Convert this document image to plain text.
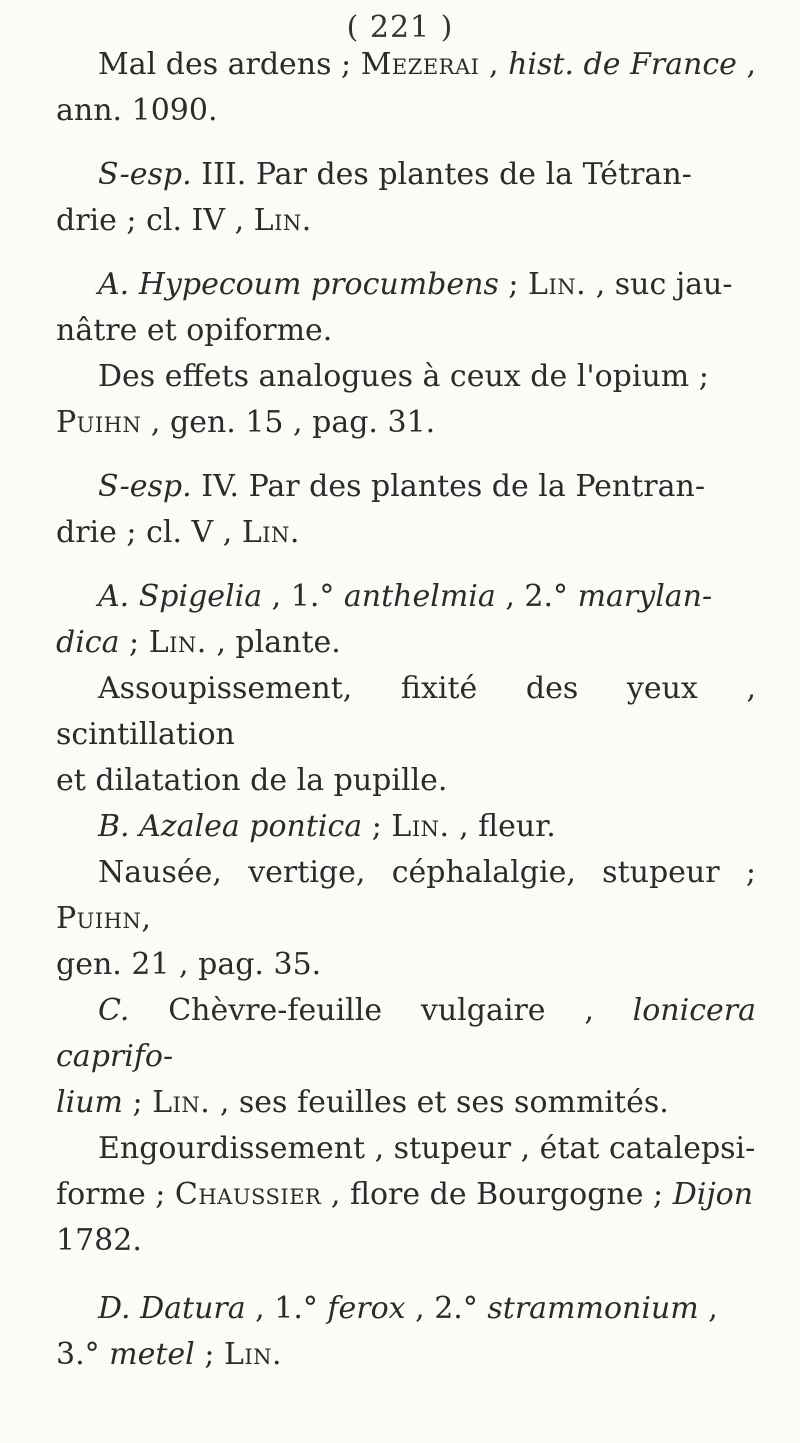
( 221 )

Mal des ardens ; Mezerai , hist. de France ,
ann. 1090.

S-esp. III. Par des plantes de la Tétran-
drie ; cl. IV , Lin.

A. Hypecoum procumbens ; Lin. , suc jau-
nâtre et opiforme.

Des effets analogues à ceux de l'opium ;
Puihn , gen. 15 , pag. 31.

S-esp. IV. Par des plantes de la Pentran-
drie ; cl. V , Lin.

A. Spigelia , 1.° anthelmia , 2.° marylan-
dica ; Lin. , plante.

Assoupissement, fixité des yeux , scintillation
et dilatation de la pupille.

B. Azalea pontica ; Lin. , fleur.

Nausée, vertige, céphalalgie, stupeur ; Puihn,
gen. 21 , pag. 35.

C. Chèvre-feuille vulgaire , lonicera caprifo-
lium ; Lin. , ses feuilles et ses sommités.

Engourdissement , stupeur , état catalepsi-
forme ; Chaussier , flore de Bourgogne ; Dijon
1782.

D. Datura , 1.° ferox , 2.° strammonium ,
3.° metel ; Lin.
